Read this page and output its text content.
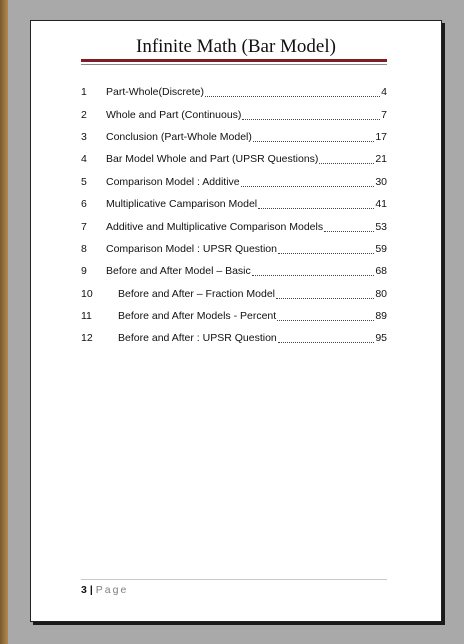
Infinite Math (Bar Model)
1	Part-Whole(Discrete)	4
2	Whole and Part (Continuous)	7
3	Conclusion (Part-Whole Model)	17
4	Bar Model Whole and Part (UPSR Questions)	21
5	Comparison Model : Additive	30
6	Multiplicative Camparison Model	41
7	Additive and Multiplicative Comparison Models	53
8	Comparison Model : UPSR Question	59
9	Before and After Model – Basic	68
10	Before and After – Fraction Model	80
11	Before and After Models - Percent	89
12	Before and After : UPSR Question	95
3 | Page
